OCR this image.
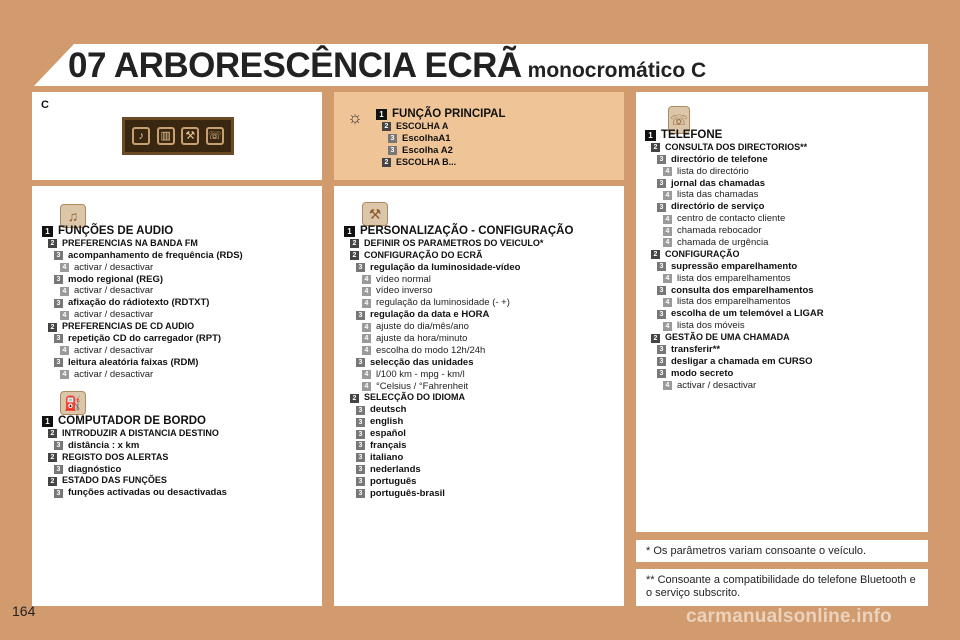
07 ARBORESCÊNCIA ECRÃ monocromático C
C
♪	▥	⚒	☏
☼	1 FUNÇÃO PRINCIPAL
2 ESCOLHA A
3 EscolhaA1
3 Escolha A2
2 ESCOLHA B...
♫
1 FUNÇÕES DE AUDIO
2 PREFERENCIAS NA BANDA FM
3 acompanhamento de frequência (RDS)
4 activar / desactivar
3 modo regional (REG)
4 activar / desactivar
3 aﬁxação do rádiotexto (RDTXT)
4 activar / desactivar
2 PREFERENCIAS DE CD AUDIO
3 repetição CD do carregador (RPT)
4 activar / desactivar
3 leitura aleatória faixas (RDM)
4 activar / desactivar
⛽
1 COMPUTADOR DE BORDO
2 INTRODUZIR A DISTANCIA DESTINO
3 distância : x km
2 REGISTO DOS ALERTAS
3 diagnóstico
2 ESTADO DAS FUNÇÕES
3 funções activadas ou desactivadas
⚒
1 PERSONALIZAÇÃO - CONFIGURAÇÃO
2 DEFINIR OS PARAMETROS DO VEICULO*
2 CONFIGURAÇÃO DO ECRÃ
3 regulação da luminosidade-vídeo
4 vídeo normal
4 vídeo inverso
4 regulação da luminosidade (- +)
3 regulação da data e HORA
4 ajuste do dia/mês/ano
4 ajuste da hora/minuto
4 escolha do modo 12h/24h
3 selecção das unidades
4 l/100 km - mpg - km/l
4 °Celsius / °Fahrenheit
2 SELECÇÃO DO IDIOMA
3 deutsch
3 english
3 español
3 français
3 italiano
3 nederlands
3 português
3 português-brasil
☏
1 TELEFONE
2 CONSULTA DOS DIRECTORIOS**
3 directório de telefone
4 lista do directório
3 jornal das chamadas
4 lista das chamadas
3 directório de serviço
4 centro de contacto cliente
4 chamada rebocador
4 chamada de urgência
2 CONFIGURAÇÃO
3 supressão emparelhamento
4 lista dos emparelhamentos
3 consulta dos emparelhamentos
4 lista dos emparelhamentos
3 escolha de um telemóvel a LIGAR
4 lista dos móveis
2 GESTÃO DE UMA CHAMADA
3 transferir**
3 desligar a chamada em CURSO
3 modo secreto
4 activar / desactivar
* Os parâmetros variam consoante o veículo.
** Consoante a compatibilidade do telefone Bluetooth e o serviço subscrito.
164	carmanualsonline.info
